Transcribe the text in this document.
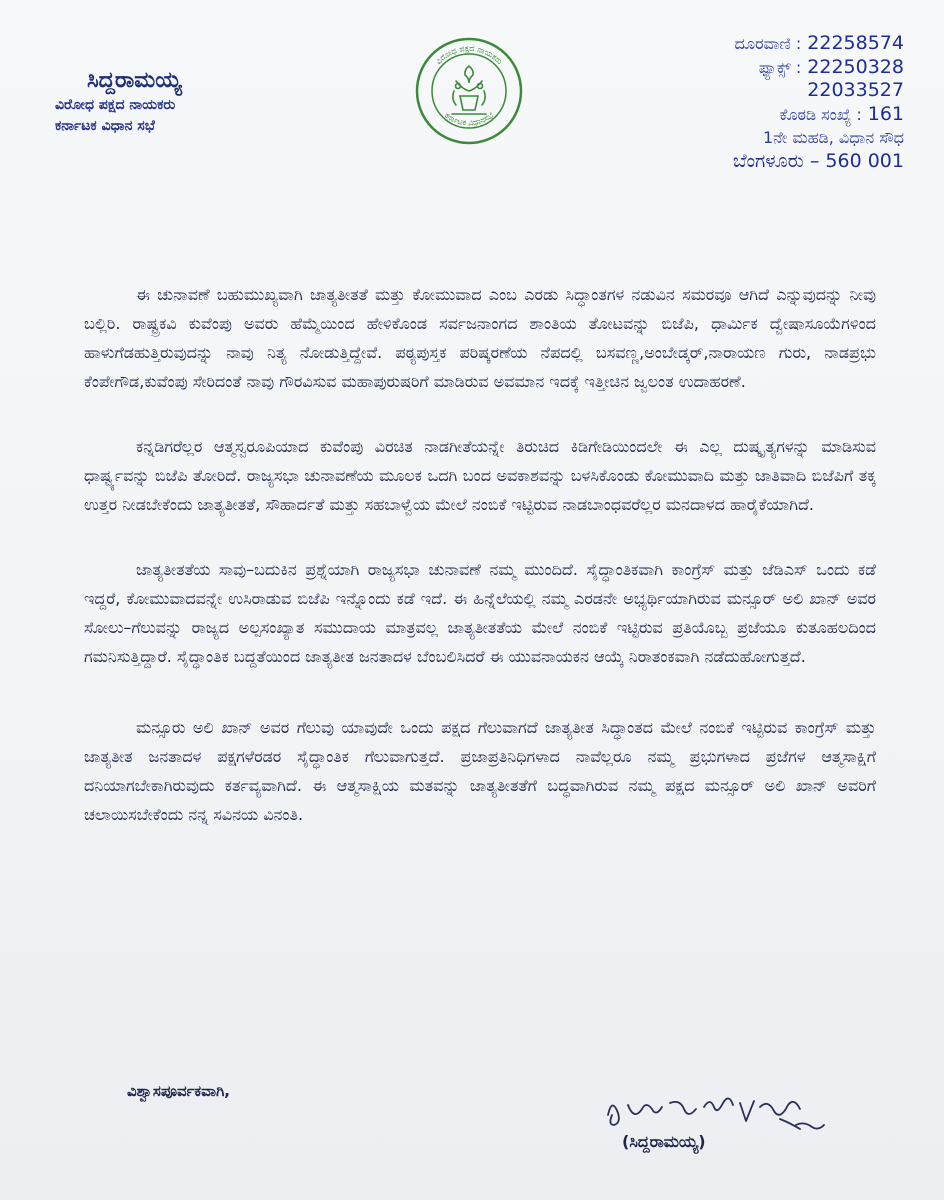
ಸಿದ್ದರಾಮಯ್ಯ
ವಿರೋಧ ಪಕ್ಷದ ನಾಯಕರು
ಕರ್ನಾಟಕ ವಿಧಾನ ಸಭೆ
ವಿರೋಧ ಪಕ್ಷದ ನಾಯಕರು
ಕರ್ನಾಟಕ ವಿಧಾನಸಭೆ
ದೂರವಾಣಿ : 22258574
ಫ್ಯಾಕ್ಸ್ : 22250328
22033527
ಕೊಠಡಿ ಸಂಖ್ಯೆ : 161
1ನೇ ಮಹಡಿ, ವಿಧಾನ ಸೌಧ
ಬೆಂಗಳೂರು – 560 001

ಈ ಚುನಾವಣೆ ಬಹುಮುಖ್ಯವಾಗಿ ಜಾತ್ಯತೀತತೆ ಮತ್ತು ಕೋಮುವಾದ ಎಂಬ ಎರಡು ಸಿದ್ಧಾಂತಗಳ ನಡುವಿನ ಸಮರವೂ ಆಗಿದೆ ಎನ್ನುವುದನ್ನು ನೀವು ಬಲ್ಲಿರಿ. ರಾಷ್ಟ್ರಕವಿ ಕುವೆಂಪು ಅವರು ಹೆಮ್ಮೆಯಿಂದ ಹೇಳಿಕೊಂಡ ಸರ್ವಜನಾಂಗದ ಶಾಂತಿಯ ತೋಟವನ್ನು ಬಿಜೆಪಿ, ಧಾರ್ಮಿಕ ದ್ವೇಷಾಸೂಯೆಗಳಿಂದ ಹಾಳುಗೆಡಹುತ್ತಿರುವುದನ್ನು ನಾವು ನಿತ್ಯ ನೋಡುತ್ತಿದ್ದೇವೆ. ಪಠ್ಯಪುಸ್ತಕ ಪರಿಷ್ಕರಣೆಯ ನೆಪದಲ್ಲಿ ಬಸವಣ್ಣ,ಅಂಬೇಡ್ಕರ್,ನಾರಾಯಣ ಗುರು, ನಾಡಪ್ರಭು ಕೆಂಪೇಗೌಡ,ಕುವೆಂಪು ಸೇರಿದಂತೆ ನಾವು ಗೌರವಿಸುವ ಮಹಾಪುರುಷರಿಗೆ ಮಾಡಿರುವ ಅವಮಾನ ಇದಕ್ಕೆ ಇತ್ತೀಚಿನ ಜ್ವಲಂತ ಉದಾಹರಣೆ.

ಕನ್ನಡಿಗರೆಲ್ಲರ ಆತ್ಮಸ್ವರೂಪಿಯಾದ ಕುವೆಂಪು ವಿರಚಿತ ನಾಡಗೀತೆಯನ್ನೇ ತಿರುಚಿದ ಕಿಡಿಗೇಡಿಯಿಂದಲೇ ಈ ಎಲ್ಲ ದುಷ್ಕೃತ್ಯಗಳನ್ನು ಮಾಡಿಸುವ ಧಾರ್ಷ್ಟ್ಯವನ್ನು ಬಿಜೆಪಿ ತೋರಿದೆ. ರಾಜ್ಯಸಭಾ ಚುನಾವಣೆಯ ಮೂಲಕ ಒದಗಿ ಬಂದ ಅವಕಾಶವನ್ನು ಬಳಸಿಕೊಂಡು ಕೋಮುವಾದಿ ಮತ್ತು ಜಾತಿವಾದಿ ಬಿಜೆಪಿಗೆ ತಕ್ಕ ಉತ್ತರ ನೀಡಬೇಕೆಂದು ಜಾತ್ಯತೀತತೆ, ಸೌಹಾರ್ದತೆ ಮತ್ತು ಸಹಬಾಳ್ವೆಯ ಮೇಲೆ ನಂಬಿಕೆ ಇಟ್ಟಿರುವ ನಾಡಬಾಂಧವರೆಲ್ಲರ ಮನದಾಳದ ಹಾರೈಕೆಯಾಗಿದೆ.

ಜಾತ್ಯತೀತತೆಯ ಸಾವು–ಬದುಕಿನ ಪ್ರಶ್ನೆಯಾಗಿ ರಾಜ್ಯಸಭಾ ಚುನಾವಣೆ ನಮ್ಮ ಮುಂದಿದೆ. ಸೈದ್ಧಾಂತಿಕವಾಗಿ ಕಾಂಗ್ರೆಸ್ ಮತ್ತು ಜೆಡಿಎಸ್ ಒಂದು ಕಡೆ ಇದ್ದರೆ, ಕೋಮುವಾದವನ್ನೇ ಉಸಿರಾಡುವ ಬಿಜೆಪಿ ಇನ್ನೊಂದು ಕಡೆ ಇದೆ. ಈ ಹಿನ್ನೆಲೆಯಲ್ಲಿ ನಮ್ಮ ಎರಡನೇ ಅಭ್ಯರ್ಥಿಯಾಗಿರುವ ಮನ್ಸೂರ್ ಅಲಿ ಖಾನ್ ಅವರ ಸೋಲು–ಗೆಲುವನ್ನು ರಾಜ್ಯದ ಅಲ್ಪಸಂಖ್ಯಾತ ಸಮುದಾಯ ಮಾತ್ರವಲ್ಲ ಜಾತ್ಯತೀತತೆಯ ಮೇಲೆ ನಂಬಿಕೆ ಇಟ್ಟಿರುವ ಪ್ರತಿಯೊಬ್ಬ ಪ್ರಜೆಯೂ ಕುತೂಹಲದಿಂದ ಗಮನಿಸುತ್ತಿದ್ದಾರೆ. ಸೈದ್ಧಾಂತಿಕ ಬದ್ದತೆಯಿಂದ ಜಾತ್ಯತೀತ ಜನತಾದಳ ಬೆಂಬಲಿಸಿದರೆ ಈ ಯುವನಾಯಕನ ಆಯ್ಕೆ ನಿರಾತಂಕವಾಗಿ ನಡೆದುಹೋಗುತ್ತದೆ.

ಮನ್ಸೂರು ಅಲಿ ಖಾನ್ ಅವರ ಗೆಲುವು ಯಾವುದೇ ಒಂದು ಪಕ್ಷದ ಗೆಲುವಾಗದೆ ಜಾತ್ಯತೀತ ಸಿದ್ಧಾಂತದ ಮೇಲೆ ನಂಬಿಕೆ ಇಟ್ಟಿರುವ ಕಾಂಗ್ರೆಸ್ ಮತ್ತು ಜಾತ್ಯತೀತ ಜನತಾದಳ ಪಕ್ಷಗಳೆರಡರ ಸೈದ್ಧಾಂತಿಕ ಗೆಲುವಾಗುತ್ತದೆ. ಪ್ರಜಾಪ್ರತಿನಿಧಿಗಳಾದ ನಾವೆಲ್ಲರೂ ನಮ್ಮ ಪ್ರಭುಗಳಾದ ಪ್ರಜೆಗಳ ಆತ್ಮಸಾಕ್ಷಿಗೆ ದನಿಯಾಗಬೇಕಾಗಿರುವುದು ಕರ್ತವ್ಯವಾಗಿದೆ. ಈ ಆತ್ಮಸಾಕ್ಷಿಯ ಮತವನ್ನು ಜಾತ್ಯತೀತತೆಗೆ ಬದ್ಧವಾಗಿರುವ ನಮ್ಮ ಪಕ್ಷದ ಮನ್ಸೂರ್ ಅಲಿ ಖಾನ್ ಅವರಿಗೆ ಚಲಾಯಿಸಬೇಕೆಂದು ನನ್ನ ಸವಿನಯ ವಿನಂತಿ.

ವಿಶ್ವಾಸಪೂರ್ವಕವಾಗಿ,
(ಸಿದ್ದರಾಮಯ್ಯ)
